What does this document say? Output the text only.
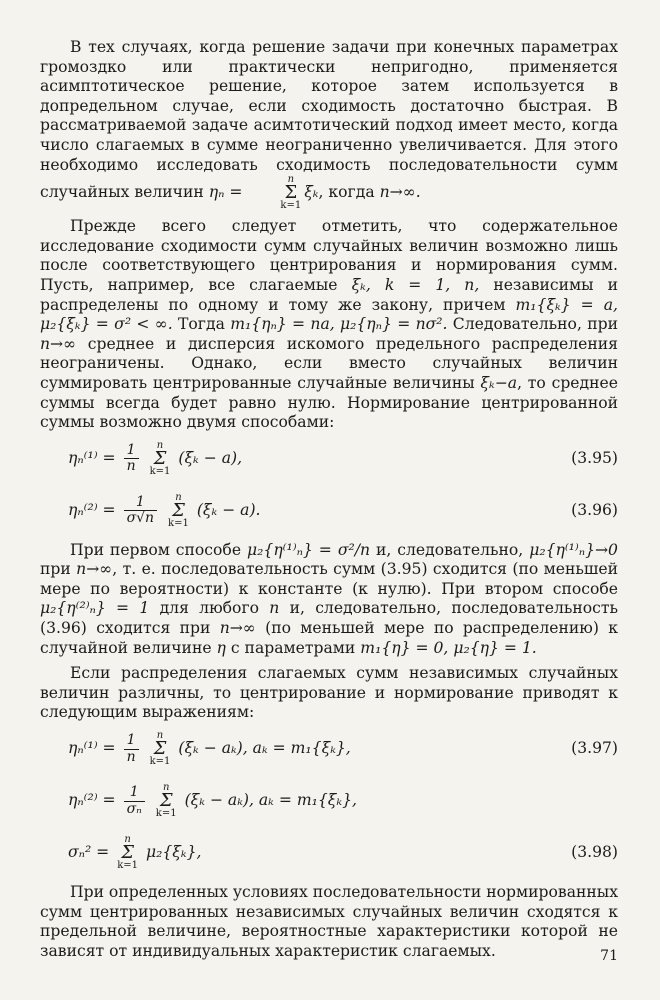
В тех случаях, когда решение задачи при конечных параметрах громоздко или практически непригодно, применяется асимптотическое решение, которое затем используется в допредельном случае, если сходимость достаточно быстрая. В рассматриваемой задаче асимтотический подход имеет место, когда число слагаемых в сумме неограниченно увеличивается. Для этого необходимо исследовать сходимость последовательности сумм случайных величин ηₙ =
n
Σ
k=1
ξₖ, когда n→∞.

Прежде всего следует отметить, что содержательное исследование сходимости сумм случайных величин возможно лишь после соответствующего центрирования и нормирования сумм. Пусть, например, все слагаемые ξₖ, k = 1, n, независимы и распределены по одному и тому же закону, причем m₁{ξₖ} = a, μ₂{ξₖ} = σ² < ∞. Тогда m₁{ηₙ} = na, μ₂{ηₙ} = nσ². Следовательно, при n→∞ среднее и дисперсия искомого предельного распределения неограничены. Однако, если вместо случайных величин суммировать центрированные случайные величины ξₖ−a, то среднее суммы всегда будет равно нулю. Нормирование центрированной суммы возможно двумя способами:

$\eta_n^{(1)} = \frac{1}{n}$
	n
Σ
k=1
(ξₖ − a),	(3.95)
$\eta_n^{(2)} = \frac{1}{\sigma√n}$
	n
Σ
k=1
(ξₖ − a).	(3.96)

При первом способе μ₂{η⁽¹⁾ₙ} = σ²/n и, следовательно, μ₂{η⁽¹⁾ₙ}→0 при n→∞, т. е. последовательность сумм (3.95) сходится (по меньшей мере по вероятности) к константе (к нулю). При втором способе μ₂{η⁽²⁾ₙ} = 1 для любого n и, следовательно, последовательность (3.96) сходится при n→∞ (по меньшей мере по распределению) к случайной величине η с параметрами m₁{η} = 0, μ₂{η} = 1.

Если распределения слагаемых сумм независимых случайных величин различны, то центрирование и нормирование приводят к следующим выражениям:

$\eta_n^{(1)} = \frac{1}{n}$
	n
Σ
k=1
(ξₖ − aₖ), aₖ = m₁{ξₖ},	(3.97)
$\eta_n^{(2)} = \frac{1}{\text{σₙ}}$
	n
Σ
k=1
(ξₖ − aₖ), aₖ = m₁{ξₖ},
σₙ² =
n
Σ
k=1
μ₂{ξₖ},	(3.98)

При определенных условиях последовательности нормированных сумм центрированных независимых случайных величин сходятся к предельной величине, вероятностные характеристики которой не зависят от индивидуальных характеристик слагаемых.	71
